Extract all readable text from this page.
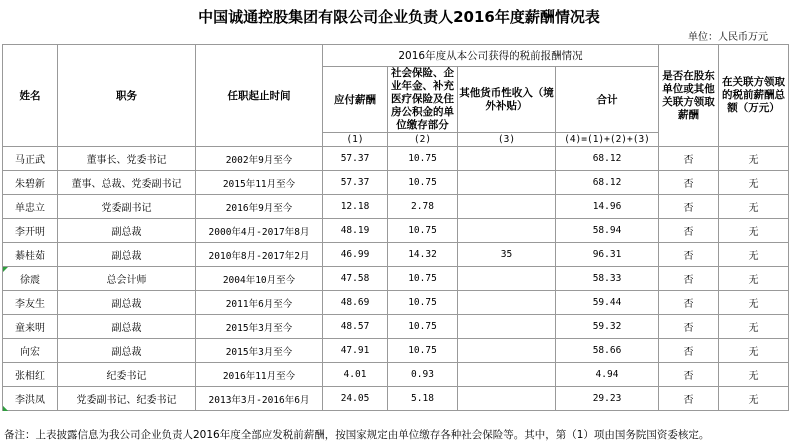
中国诚通控股集团有限公司企业负责人2016年度薪酬情况表
单位：人民币万元
姓名	职务	任职起止时间	2016年度从本公司获得的税前报酬情况				是否在股东单位或其他关联方领取薪酬	在关联方领取的税前薪酬总额（万元）
			应付薪酬	社会保险、企业年金、补充医疗保险及住房公积金的单位缴存部分	其他货币性收入（境外补贴）	合计		
			(1)	(2)	(3)	(4)=(1)+(2)+(3)		
马正武	董事长、党委书记	2002年9月至今	57.37	10.75		68.12	否	无
朱碧新	董事、总裁、党委副书记	2015年11月至今	57.37	10.75		68.12	否	无
单忠立	党委副书记	2016年9月至今	12.18	2.78		14.96	否	无
李开明	副总裁	2000年4月-2017年8月	48.19	10.75		58.94	否	无
綦桂茹	副总裁	2010年8月-2017年2月	46.99	14.32	35	96.31	否	无
徐震	总会计师	2004年10月至今	47.58	10.75		58.33	否	无
李友生	副总裁	2011年6月至今	48.69	10.75		59.44	否	无
童来明	副总裁	2015年3月至今	48.57	10.75		59.32	否	无
向宏	副总裁	2015年3月至今	47.91	10.75		58.66	否	无
张相红	纪委书记	2016年11月至今	4.01	0.93		4.94	否	无
李洪凤	党委副书记、纪委书记	2013年3月-2016年6月	24.05	5.18		29.23	否	无
备注：上表披露信息为我公司企业负责人2016年度全部应发税前薪酬，按国家规定由单位缴存各种社会保险等。其中，第（1）项由国务院国资委核定。
